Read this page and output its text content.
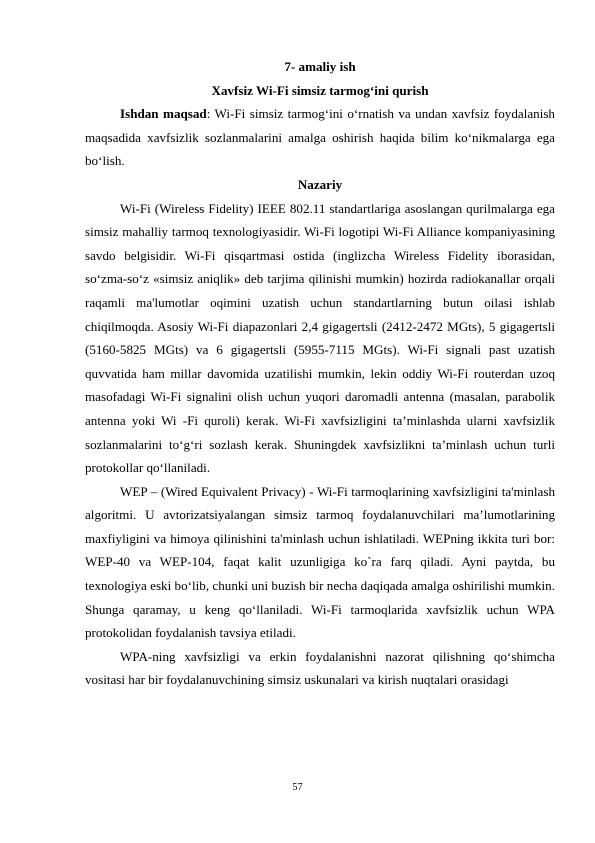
7- amaliy ish
Xavfsiz Wi-Fi simsiz tarmog‘ini qurish

Ishdan maqsad: Wi-Fi simsiz tarmog‘ini o‘rnatish va undan xavfsiz foydalanish maqsadida xavfsizlik sozlanmalarini amalga oshirish haqida bilim ko‘nikmalarga ega bo‘lish.

Nazariy

Wi-Fi (Wireless Fidelity) IEEE 802.11 standartlariga asoslangan qurilmalarga ega simsiz mahalliy tarmoq texnologiyasidir. Wi-Fi logotipi Wi-Fi Alliance kompaniyasining savdo belgisidir. Wi-Fi qisqartmasi ostida (inglizcha Wireless Fidelity iborasidan, so‘zma-so‘z «simsiz aniqlik» deb tarjima qilinishi mumkin) hozirda radiokanallar orqali raqamli ma'lumotlar oqimini uzatish uchun standartlarning butun oilasi ishlab chiqilmoqda. Asosiy Wi-Fi diapazonlari 2,4 gigagertsli (2412-2472 MGts), 5 gigagertsli (5160-5825 MGts) va 6 gigagertsli (5955-7115 MGts). Wi-Fi signali past uzatish quvvatida ham millar davomida uzatilishi mumkin, lekin oddiy Wi-Fi routerdan uzoq masofadagi Wi-Fi signalini olish uchun yuqori daromadli antenna (masalan, parabolik antenna yoki Wi -Fi quroli) kerak. Wi-Fi xavfsizligini ta’minlashda ularni xavfsizlik sozlanmalarini to‘g‘ri sozlash kerak. Shuningdek xavfsizlikni ta’minlash uchun turli protokollar qo‘llaniladi.

WEP – (Wired Equivalent Privacy) - Wi-Fi tarmoqlarining xavfsizligini ta'minlash algoritmi. U avtorizatsiyalangan simsiz tarmoq foydalanuvchilari ma’lumotlarining maxfiyligini va himoya qilinishini ta'minlash uchun ishlatiladi. WEPning ikkita turi bor: WEP-40 va WEP-104, faqat kalit uzunligiga ko`ra farq qiladi. Ayni paytda, bu texnologiya eski bo‘lib, chunki uni buzish bir necha daqiqada amalga oshirilishi mumkin. Shunga qaramay, u keng qo‘llaniladi. Wi-Fi tarmoqlarida xavfsizlik uchun WPA protokolidan foydalanish tavsiya etiladi.

WPA-ning xavfsizligi va erkin foydalanishni nazorat qilishning qo‘shimcha vositasi har bir foydalanuvchining simsiz uskunalari va kirish nuqtalari orasidagi

57
